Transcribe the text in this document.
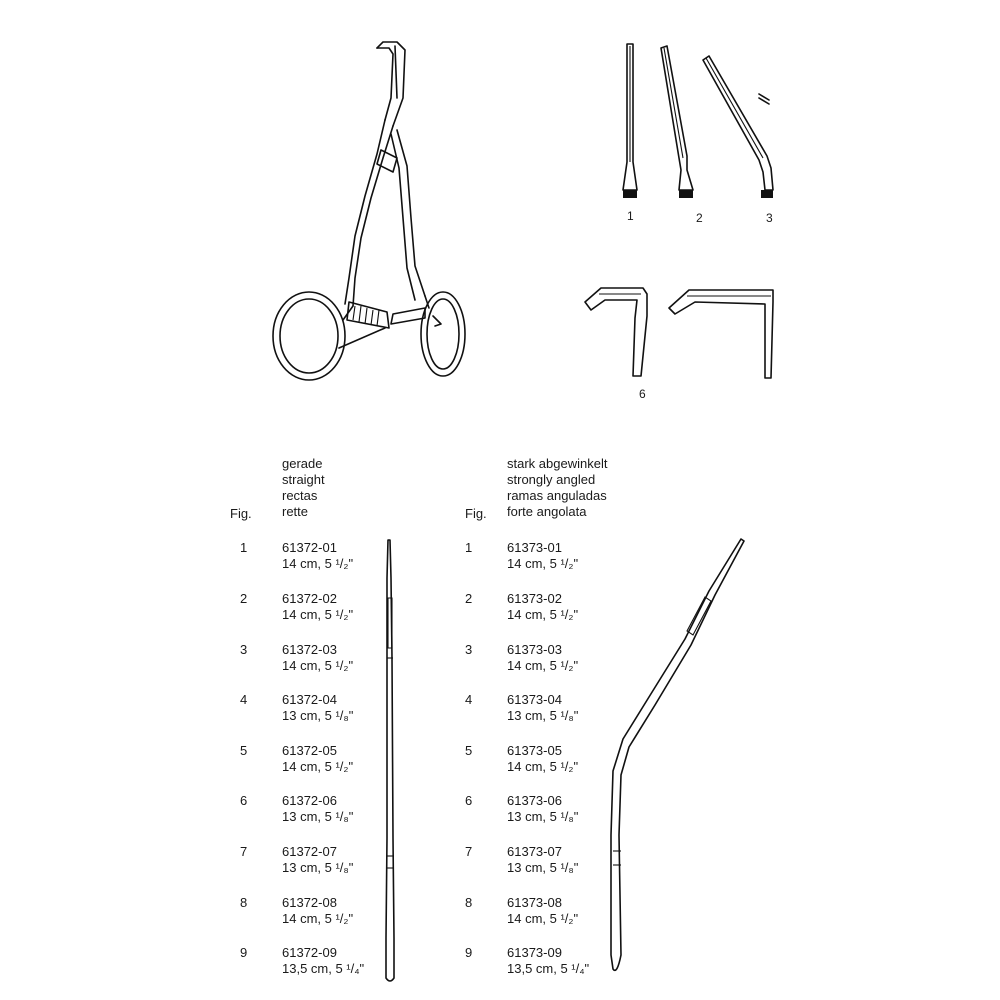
1	2	3
6
gerade
straight
rectas
rette
Fig.
1	61372-01
14 cm, 5 ¹/₂"
2	61372-02
14 cm, 5 ¹/₂"
3	61372-03
14 cm, 5 ¹/₂"
4	61372-04
13 cm, 5 ¹/₈"
5	61372-05
14 cm, 5 ¹/₂"
6	61372-06
13 cm, 5 ¹/₈"
7	61372-07
13 cm, 5 ¹/₈"
8	61372-08
14 cm, 5 ¹/₂"
9	61372-09
13,5 cm, 5 ¹/₄"
stark abgewinkelt
strongly angled
ramas anguladas
forte angolata
Fig.
1	61373-01
14 cm, 5 ¹/₂"
2	61373-02
14 cm, 5 ¹/₂"
3	61373-03
14 cm, 5 ¹/₂"
4	61373-04
13 cm, 5 ¹/₈"
5	61373-05
14 cm, 5 ¹/₂"
6	61373-06
13 cm, 5 ¹/₈"
7	61373-07
13 cm, 5 ¹/₈"
8	61373-08
14 cm, 5 ¹/₂"
9	61373-09
13,5 cm, 5 ¹/₄"
